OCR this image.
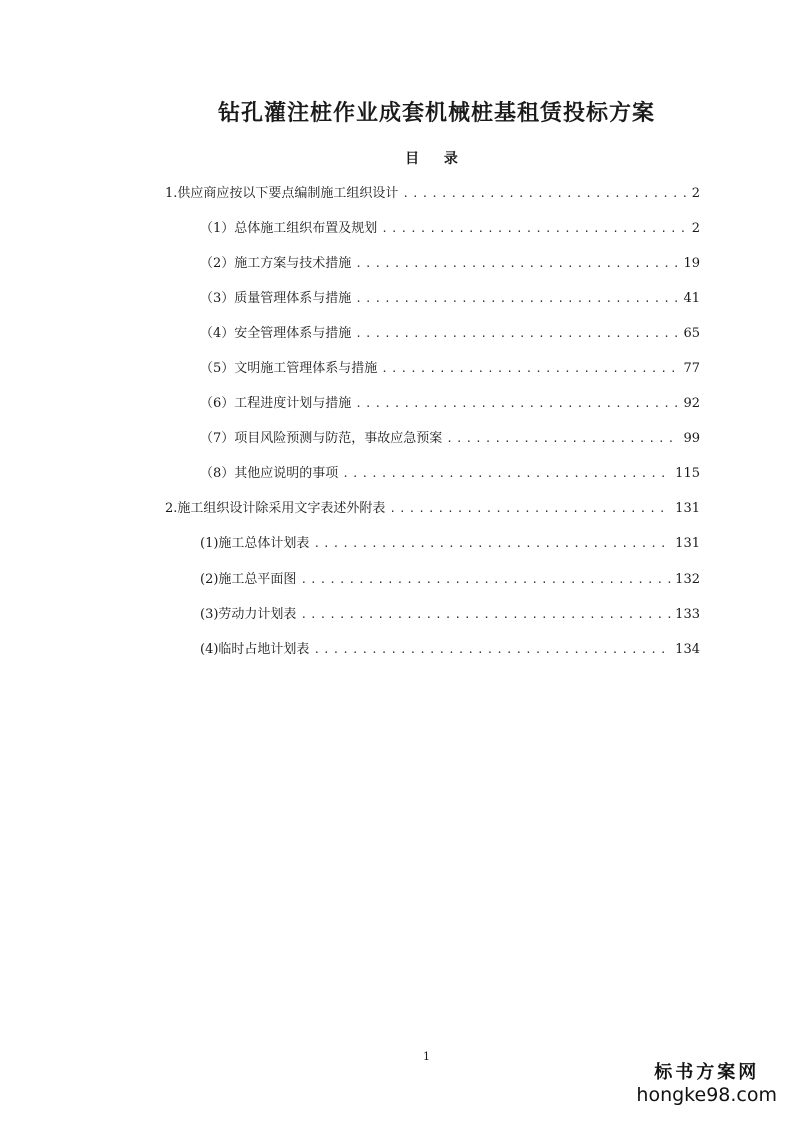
钻孔灌注桩作业成套机械桩基租赁投标方案
目 录
1. 供应商应按以下要点编制施工组织设计 .....	2
（1） 总体施工组织布置及规划 .....	2
（2） 施工方案与技术措施 .....	19
（3） 质量管理体系与措施 .....	41
（4） 安全管理体系与措施 .....	65
（5） 文明施工管理体系与措施 .....	77
（6） 工程进度计划与措施 .....	92
（7） 项目风险预测与防范，事故应急预案 .....	99
（8） 其他应说明的事项 .....	115
2. 施工组织设计除采用文字表述外附表 .....	131
(1) 施工总体计划表 .....	131
(2) 施工总平面图 .....	132
(3) 劳动力计划表 .....	133
(4) 临时占地计划表 .....	134
1
标书方案网
hongke98.com
